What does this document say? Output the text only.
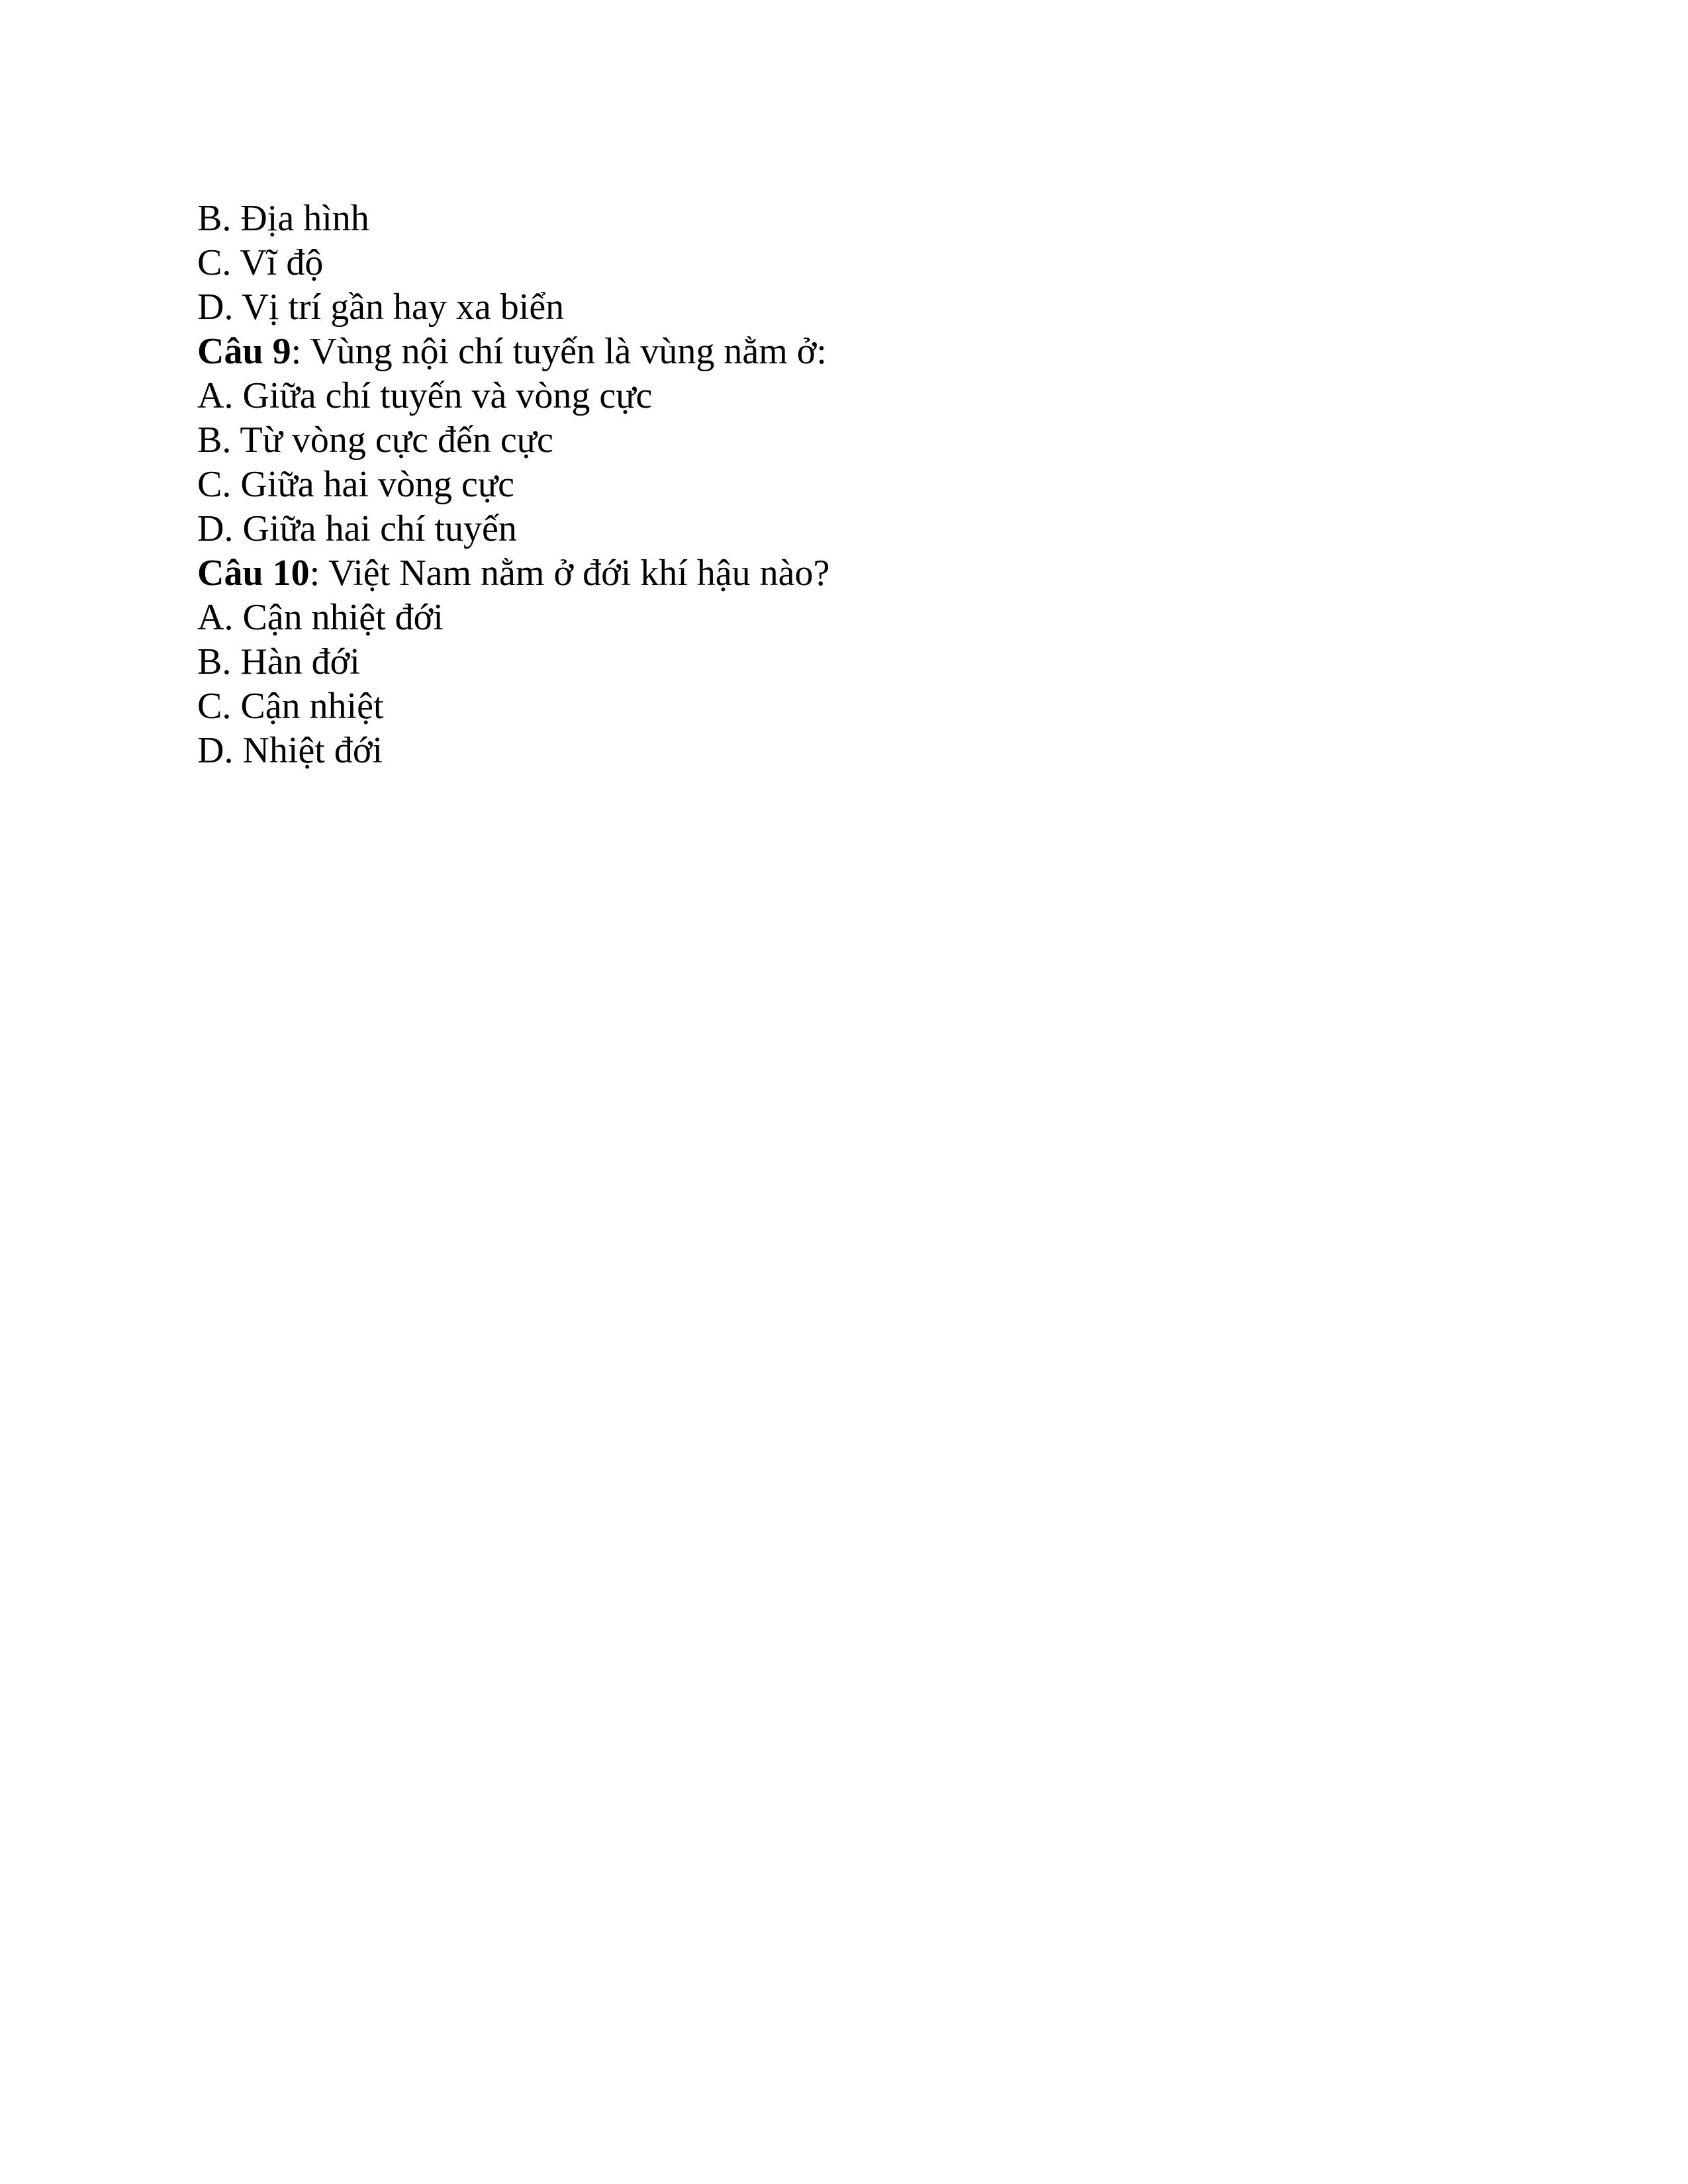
B. Địa hình

C. Vĩ độ

D. Vị trí gần hay xa biển

Câu 9: Vùng nội chí tuyến là vùng nằm ở:

A. Giữa chí tuyến và vòng cực

B. Từ vòng cực đến cực

C. Giữa hai vòng cực

D. Giữa hai chí tuyến

Câu 10: Việt Nam nằm ở đới khí hậu nào?

A. Cận nhiệt đới

B. Hàn đới

C. Cận nhiệt

D. Nhiệt đới
